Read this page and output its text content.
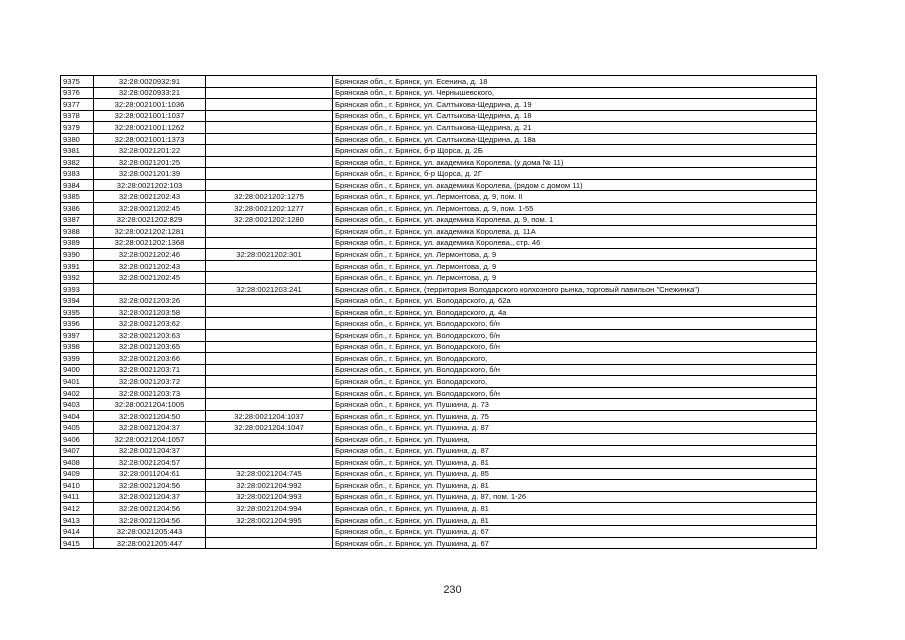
9375	32:28:0020932:91		Брянская обл., г. Брянск, ул. Есенина, д. 18
9376	32:28:0020933:21		Брянская обл., г. Брянск, ул. Чернышевского,
9377	32:28:0021001:1036		Брянская обл., г. Брянск, ул. Салтыкова-Щедрина, д. 19
9378	32:28:0021001:1037		Брянская обл., г. Брянск, ул. Салтыкова-Щедрина, д. 18
9379	32:28:0021001:1262		Брянская обл., г. Брянск, ул. Салтыкова-Щедрина, д. 21
9380	32:28:0021001:1373		Брянская обл., г. Брянск, ул. Салтыкова-Щедрина, д. 18а
9381	32:28:0021201:22		Брянская обл., г. Брянск, б-р Щорса, д. 2Б
9382	32:28:0021201:25		Брянская обл., г. Брянск, ул. академика Королева, (у дома № 11)
9383	32:28:0021201:39		Брянская обл., г. Брянск, б-р Щорса, д. 2Г
9384	32:28:0021202:103		Брянская обл., г. Брянск, ул. академика Королева, (рядом с домом 11)
9385	32:28:0021202:43	32:28:0021202:1275	Брянская обл., г. Брянск, ул. Лермонтова, д. 9, пом. II
9386	32:28:0021202:45	32:28:0021202:1277	Брянская обл., г. Брянск, ул. Лермонтова, д. 9, пом. 1-55
9387	32:28:0021202:829	32:28:0021202:1280	Брянская обл., г. Брянск, ул. академика Королева, д. 9, пом. 1
9388	32:28:0021202:1281		Брянская обл., г. Брянск, ул. академика Королева, д. 11А
9389	32:28:0021202:1368		Брянская обл., г. Брянск, ул. академика Королева,, стр. 46
9390	32:28:0021202:46	32:28:0021202:301	Брянская обл., г. Брянск, ул. Лермонтова, д. 9
9391	32:28:0021202:43		Брянская обл., г. Брянск, ул. Лермонтова, д. 9
9392	32:28:0021202:45		Брянская обл., г. Брянск, ул. Лермонтова, д. 9
9393		32:28:0021203:241	Брянская обл., г. Брянск, (территория Володарского колхозного рынка, торговый павильон "Снежинка")
9394	32:28:0021203:26		Брянская обл., г. Брянск, ул. Володарского, д. 62а
9395	32:28:0021203:58		Брянская обл., г. Брянск, ул. Володарского, д. 4а
9396	32:28:0021203:62		Брянская обл., г. Брянск, ул. Володарского, б/н
9397	32:28:0021203:63		Брянская обл., г. Брянск, ул. Володарского, б/н
9398	32:28:0021203:65		Брянская обл., г. Брянск, ул. Володарского, б/н
9399	32:28:0021203:66		Брянская обл., г. Брянск, ул. Володарского,
9400	32:28:0021203:71		Брянская обл., г. Брянск, ул. Володарского, б/н
9401	32:28:0021203:72		Брянская обл., г. Брянск, ул. Володарского,
9402	32:28:0021203:73		Брянская обл., г. Брянск, ул. Володарского, б/н
9403	32:28:0021204:1005		Брянская обл., г. Брянск, ул. Пушкина, д. 73
9404	32:28:0021204:50	32:28:0021204:1037	Брянская обл., г. Брянск, ул. Пушкина, д. 75
9405	32:28:0021204:37	32:28:0021204:1047	Брянская обл., г. Брянск, ул. Пушкина, д. 87
9406	32:28:0021204:1057		Брянская обл., г. Брянск, ул. Пушкина,
9407	32:28:0021204:37		Брянская обл., г. Брянск, ул. Пушкина, д. 87
9408	32:28:0021204:57		Брянская обл., г. Брянск, ул. Пушкина, д. 81
9409	32:28:0011204:61	32:28:0021204:745	Брянская обл., г. Брянск, ул. Пушкина, д. 85
9410	32:28:0021204:56	32:28:0021204:992	Брянская обл., г. Брянск, ул. Пушкина, д. 81
9411	32:28:0021204:37	32:28:0021204:993	Брянская обл., г. Брянск, ул. Пушкина, д. 87, пом. 1-26
9412	32:28:0021204:56	32:28:0021204:994	Брянская обл., г. Брянск, ул. Пушкина, д. 81
9413	32:28:0021204:56	32:28:0021204:995	Брянская обл., г. Брянск, ул. Пушкина, д. 81
9414	32:28:0021205:443		Брянская обл., г. Брянск, ул. Пушкина, д. 67
9415	32:28:0021205:447		Брянская обл., г. Брянск, ул. Пушкина, д. 67
230
